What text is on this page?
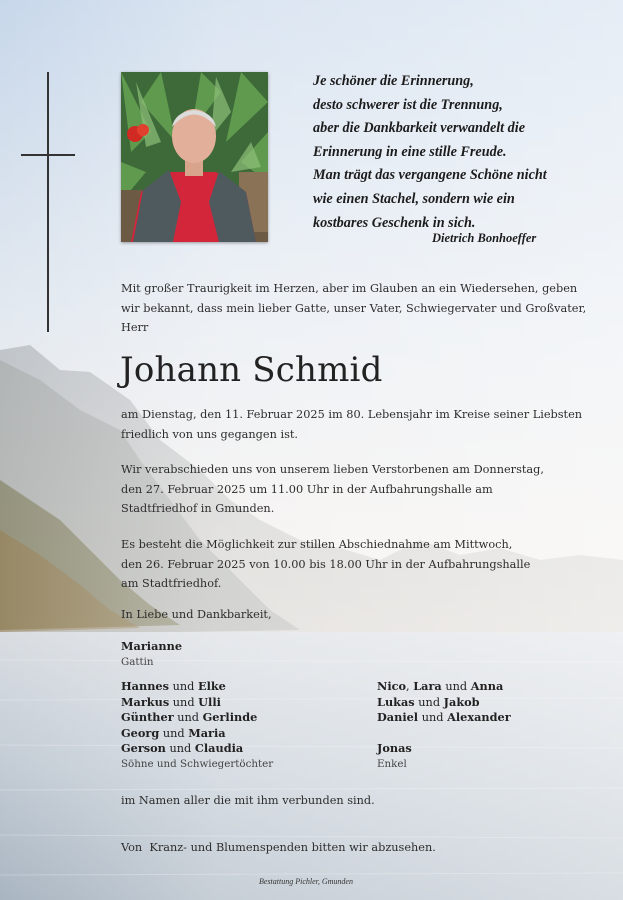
Je schöner die Erinnerung,
desto schwerer ist die Trennung,
aber die Dankbarkeit verwandelt die
Erinnerung in eine stille Freude.
Man trägt das vergangene Schöne nicht
wie einen Stachel, sondern wie ein
kostbares Geschenk in sich.
Dietrich Bonhoeffer
Mit großer Traurigkeit im Herzen, aber im Glauben an ein Wiedersehen, geben
wir bekannt, dass mein lieber Gatte, unser Vater, Schwiegervater und Großvater,
Herr
Johann Schmid
am Dienstag, den 11. Februar 2025 im 80. Lebensjahr im Kreise seiner Liebsten
friedlich von uns gegangen ist.
Wir verabschieden uns von unserem lieben Verstorbenen am Donnerstag,
den 27. Februar 2025 um 11.00 Uhr in der Aufbahrungshalle am
Stadtfriedhof in Gmunden.
Es besteht die Möglichkeit zur stillen Abschiednahme am Mittwoch,
den 26. Februar 2025 von 10.00 bis 18.00 Uhr in der Aufbahrungshalle
am Stadtfriedhof.
In Liebe und Dankbarkeit,
Marianne
Gattin
Hannes und Elke
Markus und Ulli
Günther und Gerlinde
Georg und Maria
Gerson und Claudia
Söhne und Schwiegertöchter
Nico, Lara und Anna
Lukas und Jakob
Daniel und Alexander
Jonas
Enkel
im Namen aller die mit ihm verbunden sind.
Von  Kranz- und Blumenspenden bitten wir abzusehen.
Bestattung Pichler, Gmunden
